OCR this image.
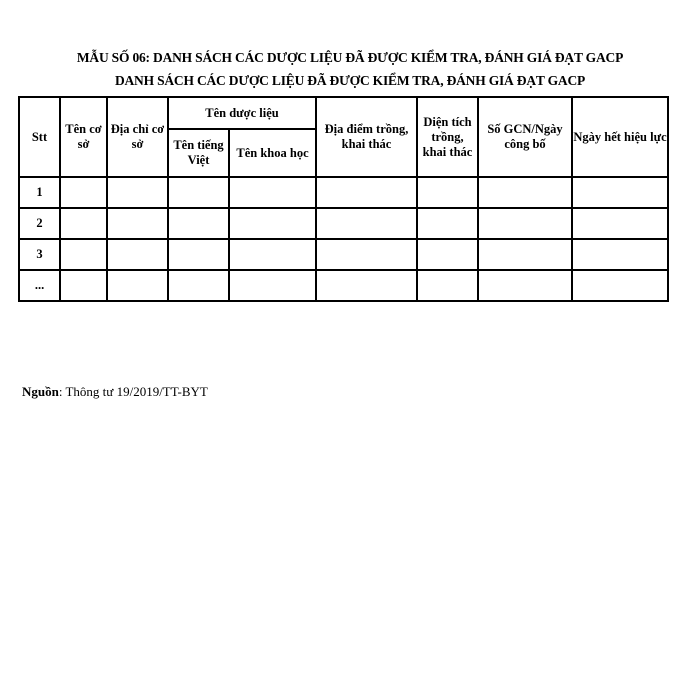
MẪU SỐ 06: DANH SÁCH CÁC DƯỢC LIỆU ĐÃ ĐƯỢC KIỂM TRA, ĐÁNH GIÁ ĐẠT GACP
DANH SÁCH CÁC DƯỢC LIỆU ĐÃ ĐƯỢC KIỂM TRA, ĐÁNH GIÁ ĐẠT GACP
Stt	Tên cơ sở	Địa chỉ cơ sở	Tên dược liệu		Địa điểm trồng, khai thác	Diện tích trồng, khai thác	Số GCN/Ngày công bố	Ngày hết hiệu lực
			Tên tiếng Việt	Tên khoa học				
1								
2								
3								
...								
Nguồn: Thông tư 19/2019/TT-BYT
